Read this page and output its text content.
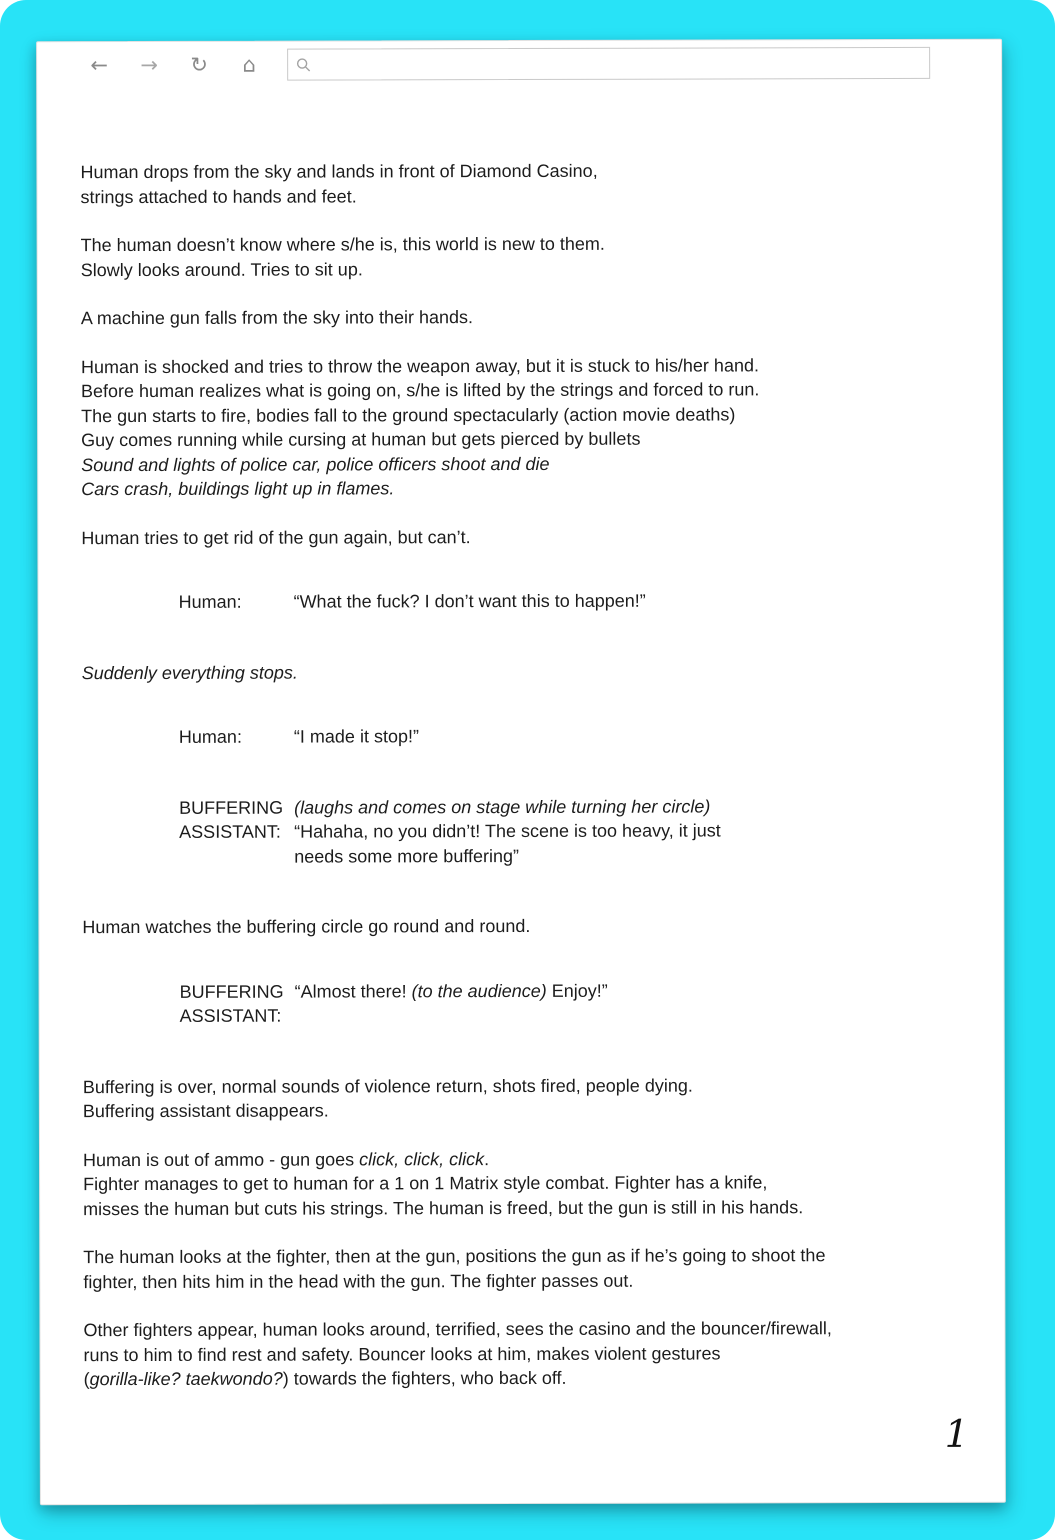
←	→	↻	⌂
Human drops from the sky and lands in front of Diamond Casino,
strings attached to hands and feet.
The human doesn’t know where s/he is, this world is new to them.
Slowly looks around. Tries to sit up.
A machine gun falls from the sky into their hands.
Human is shocked and tries to throw the weapon away, but it is stuck to his/her hand.
Before human realizes what is going on, s/he is lifted by the strings and forced to run.
The gun starts to fire, bodies fall to the ground spectacularly (action movie deaths)
Guy comes running while cursing at human but gets pierced by bullets
Sound and lights of police car, police officers shoot and die
Cars crash, buildings light up in flames.
Human tries to get rid of the gun again, but can’t.
Human:	“What the fuck? I don’t want this to happen!”
Suddenly everything stops.
Human:	“I made it stop!”
BUFFERING
ASSISTANT:
(laughs and comes on stage while turning her circle)
“Hahaha, no you didn’t! The scene is too heavy, it just
needs some more buffering”
Human watches the buffering circle go round and round.
BUFFERING
ASSISTANT:
“Almost there! (to the audience) Enjoy!”
Buffering is over, normal sounds of violence return, shots fired, people dying.
Buffering assistant disappears.
Human is out of ammo - gun goes click, click, click.
Fighter manages to get to human for a 1 on 1 Matrix style combat. Fighter has a knife,
misses the human but cuts his strings. The human is freed, but the gun is still in his hands.
The human looks at the fighter, then at the gun, positions the gun as if he’s going to shoot the
fighter, then hits him in the head with the gun. The fighter passes out.
Other fighters appear, human looks around, terrified, sees the casino and the bouncer/firewall,
runs to him to find rest and safety. Bouncer looks at him, makes violent gestures
(gorilla-like? taekwondo?) towards the fighters, who back off.
1
